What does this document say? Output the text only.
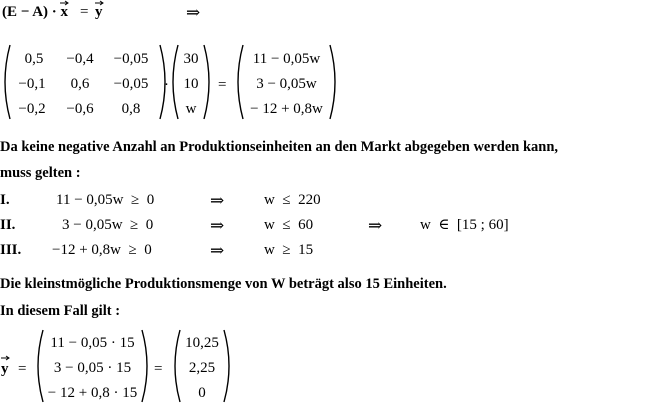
(E − A) · x = y	⇒
0,5	−0,4	−0,05
−0,1	0,6	−0,05
−0,2	−0,6	0,8
·
30
10
w
=
11 − 0,05w
3 − 0,05w
− 12 + 0,8w
Da keine negative Anzahl an Produktionseinheiten an den Markt abgegeben werden kann,
muss gelten :
I.	11 − 0,05w  ≥  0	⇒	w  ≤  220
II.	3 − 0,05w  ≥  0	⇒	w  ≤  60	⇒	w  ∈  [15 ; 60]
III. −12 + 0,8w  ≥  0	⇒	w  ≥  15
Die kleinstmögliche Produktionsmenge von W beträgt also 15 Einheiten.
In diesem Fall gilt :
y =
11 − 0,05 · 15
3 − 0,05 · 15
− 12 + 0,8 · 15
=
10,25
2,25
0
